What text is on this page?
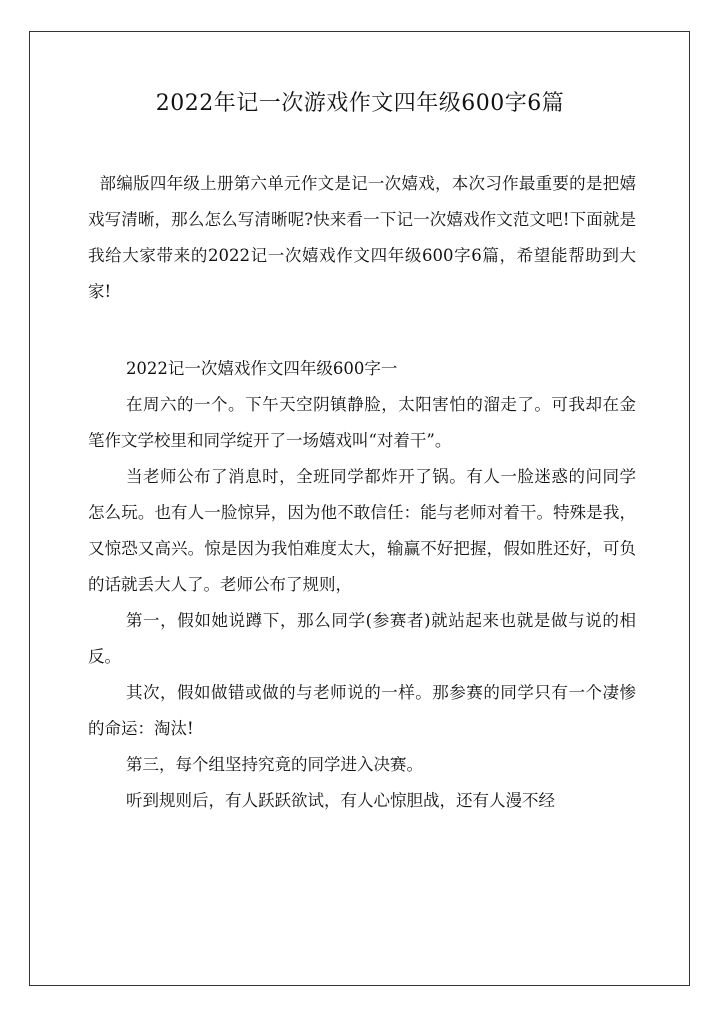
2022年记一次游戏作文四年级600字6篇
部编版四年级上册第六单元作文是记一次嬉戏，本次习作最重要的是把嬉戏写清晰，那么怎么写清晰呢?快来看一下记一次嬉戏作文范文吧!下面就是我给大家带来的2022记一次嬉戏作文四年级600字6篇，希望能帮助到大家!

2022记一次嬉戏作文四年级600字一

在周六的一个。下午天空阴镇静脸，太阳害怕的溜走了。可我却在金笔作文学校里和同学绽开了一场嬉戏叫“对着干”。

当老师公布了消息时，全班同学都炸开了锅。有人一脸迷惑的问同学怎么玩。也有人一脸惊异，因为他不敢信任：能与老师对着干。特殊是我，又惊恐又高兴。惊是因为我怕难度太大，输赢不好把握，假如胜还好，可负的话就丢大人了。老师公布了规则，

第一，假如她说蹲下，那么同学(参赛者)就站起来也就是做与说的相反。

其次，假如做错或做的与老师说的一样。那参赛的同学只有一个凄惨的命运：淘汰!

第三，每个组坚持究竟的同学进入决赛。

听到规则后，有人跃跃欲试，有人心惊胆战，还有人漫不经
